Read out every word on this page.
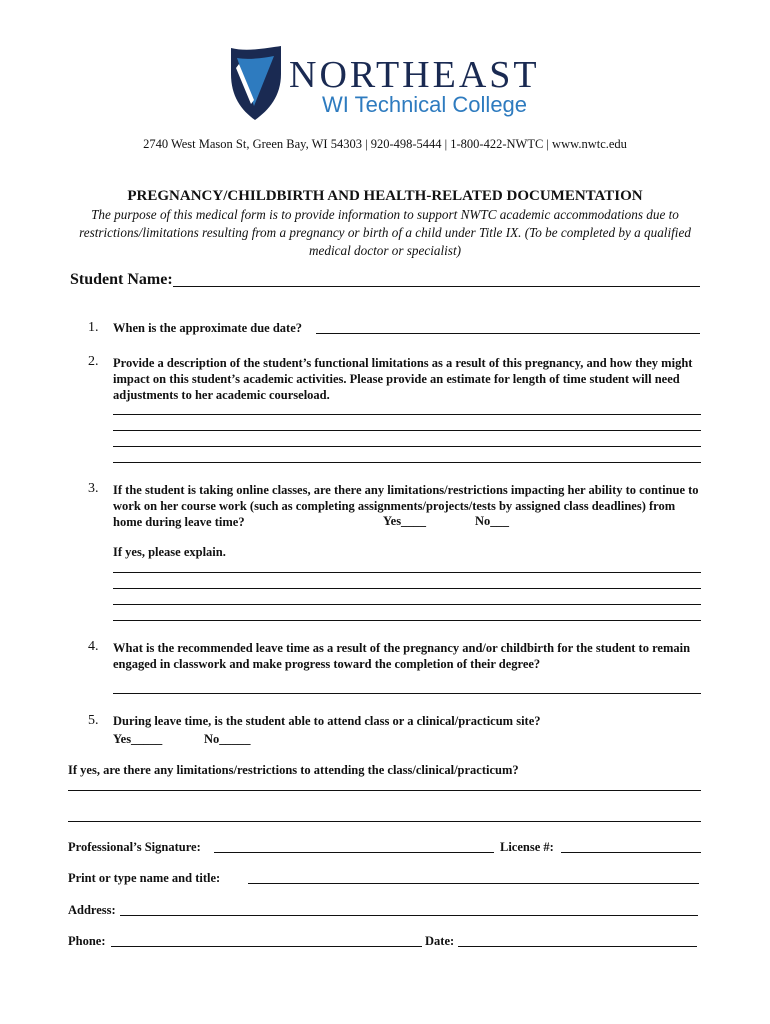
NORTHEAST
WI Technical College
2740 West Mason St, Green Bay, WI 54303 | 920-498-5444 | 1-800-422-NWTC | www.nwtc.edu
PREGNANCY/CHILDBIRTH AND HEALTH-RELATED DOCUMENTATION
The purpose of this medical form is to provide information to support NWTC academic accommodations due to restrictions/limitations resulting from a pregnancy or birth of a child under Title IX. (To be completed by a qualified medical doctor or specialist)
Student Name:
1. When is the approximate due date?
2. Provide a description of the student’s functional limitations as a result of this pregnancy, and how they might impact on this student’s academic activities. Please provide an estimate for length of time student will need adjustments to her academic courseload.
3. If the student is taking online classes, are there any limitations/restrictions impacting her ability to continue to work on her course work (such as completing assignments/projects/tests by assigned class deadlines) from home during leave time?	Yes____	No___
If yes, please explain.
4. What is the recommended leave time as a result of the pregnancy and/or childbirth for the student to remain engaged in classwork and make progress toward the completion of their degree?
5. During leave time, is the student able to attend class or a clinical/practicum site?
Yes_____	No_____
If yes, are there any limitations/restrictions to attending the class/clinical/practicum?
Professional’s Signature:	License #:
Print or type name and title:
Address:
Phone:	Date:
